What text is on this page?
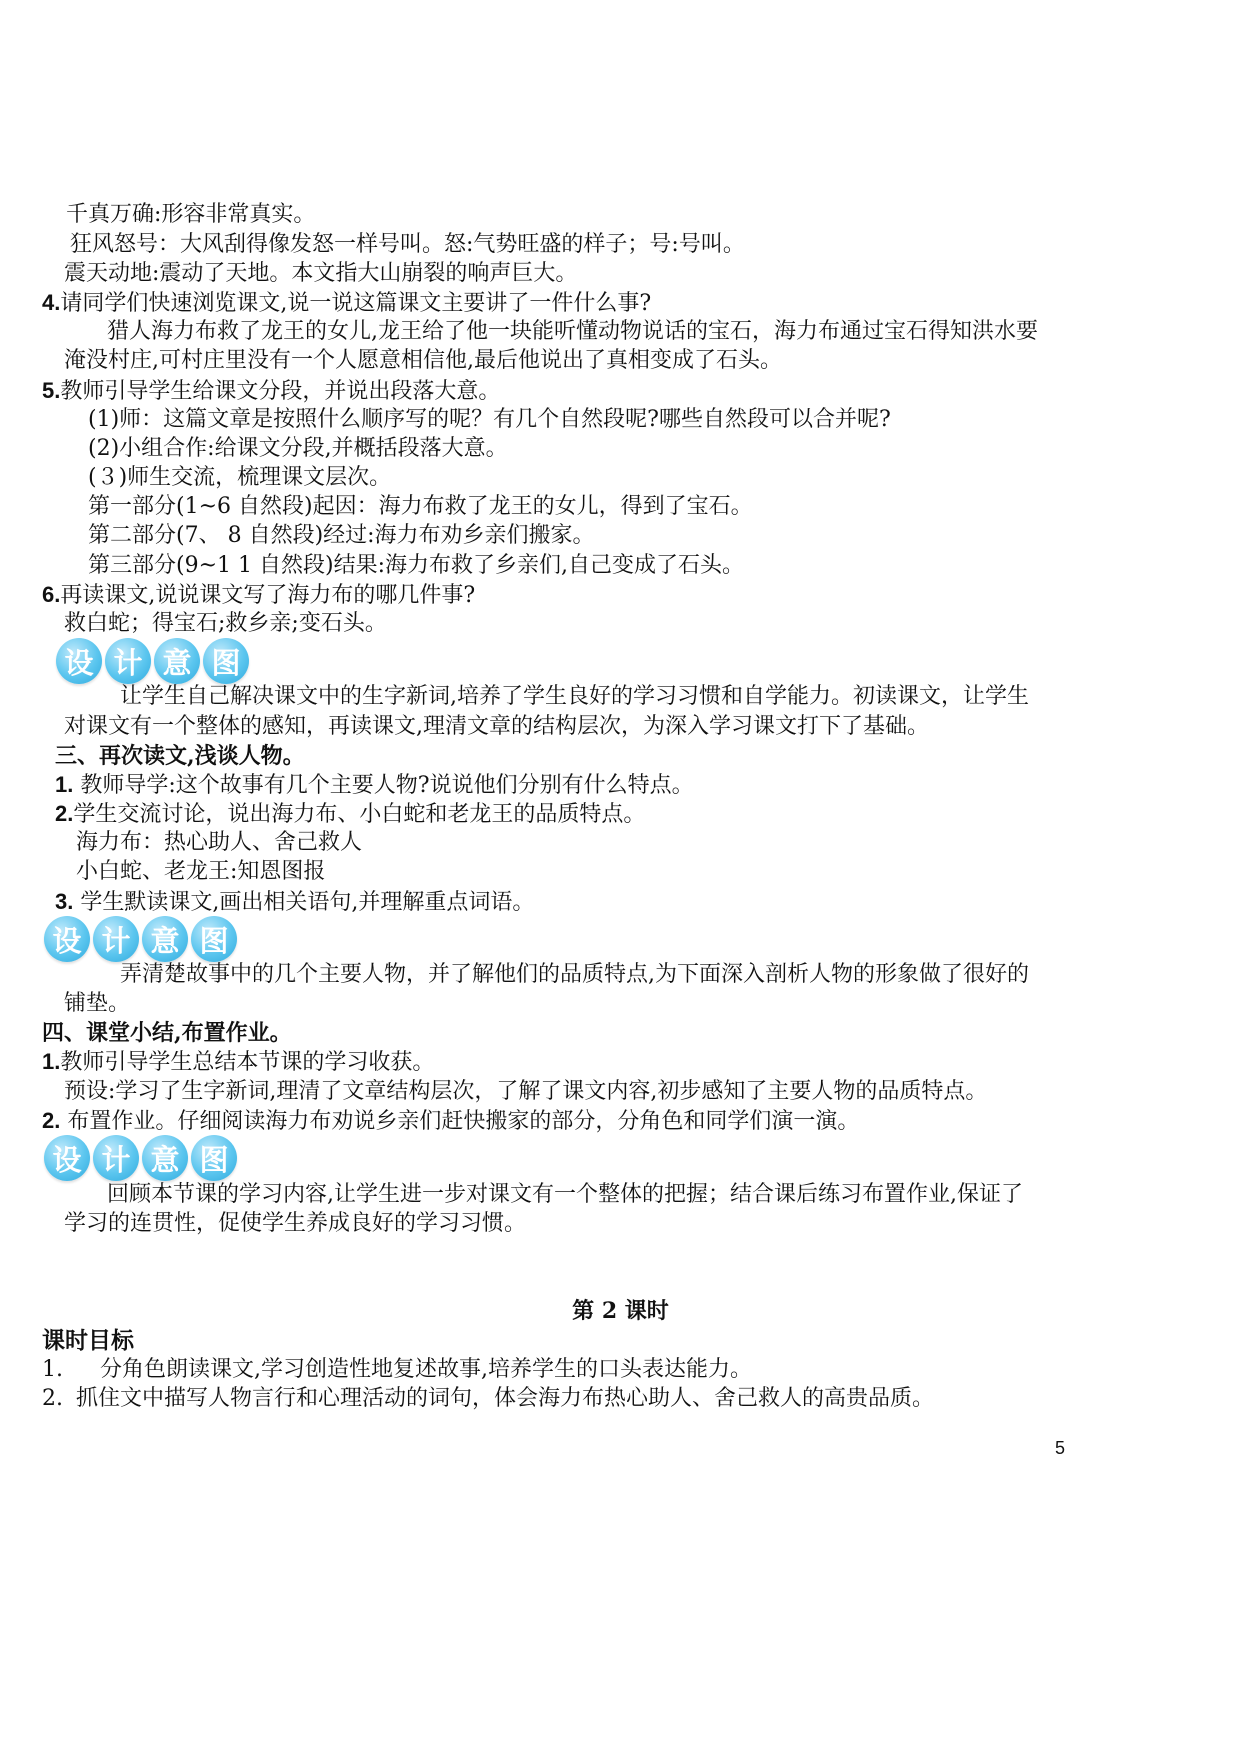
千真万确:形容非常真实。
狂风怒号：大风刮得像发怒一样号叫。怒:气势旺盛的样子；号:号叫。
震天动地:震动了天地。本文指大山崩裂的响声巨大。
4.请同学们快速浏览课文,说一说这篇课文主要讲了一件什么事?
猎人海力布救了龙王的女儿,龙王给了他一块能听懂动物说话的宝石，海力布通过宝石得知洪水要
淹没村庄,可村庄里没有一个人愿意相信他,最后他说出了真相变成了石头。
5.教师引导学生给课文分段，并说出段落大意。
(1)师：这篇文章是按照什么顺序写的呢？有几个自然段呢?哪些自然段可以合并呢?
(2)小组合作:给课文分段,并概括段落大意。
(３)师生交流，梳理课文层次。
第一部分(1~6 自然段)起因：海力布救了龙王的女儿，得到了宝石。
第二部分(7、 8 自然段)经过:海力布劝乡亲们搬家。
第三部分(9~1 1 自然段)结果:海力布救了乡亲们,自己变成了石头。
6.再读课文,说说课文写了海力布的哪几件事?
救白蛇；得宝石;救乡亲;变石头。
设 计 意 图
让学生自己解决课文中的生字新词,培养了学生良好的学习习惯和自学能力。初读课文，让学生
对课文有一个整体的感知，再读课文,理清文章的结构层次，为深入学习课文打下了基础。
三、再次读文,浅谈人物。
1. 教师导学:这个故事有几个主要人物?说说他们分别有什么特点。
2.学生交流讨论，说出海力布、小白蛇和老龙王的品质特点。
海力布：热心助人、舍己救人
小白蛇、老龙王:知恩图报
3. 学生默读课文,画出相关语句,并理解重点词语。
设 计 意 图
弄清楚故事中的几个主要人物，并了解他们的品质特点,为下面深入剖析人物的形象做了很好的
铺垫。
四、课堂小结,布置作业。
1.教师引导学生总结本节课的学习收获。
预设:学习了生字新词,理清了文章结构层次，了解了课文内容,初步感知了主要人物的品质特点。
2. 布置作业。仔细阅读海力布劝说乡亲们赶快搬家的部分，分角色和同学们演一演。
设 计 意 图
回顾本节课的学习内容,让学生进一步对课文有一个整体的把握；结合课后练习布置作业,保证了
学习的连贯性，促使学生养成良好的学习习惯。
第 2 课时
课时目标
1. 分角色朗读课文,学习创造性地复述故事,培养学生的口头表达能力。
2. 抓住文中描写人物言行和心理活动的词句，体会海力布热心助人、舍己救人的高贵品质。
5
